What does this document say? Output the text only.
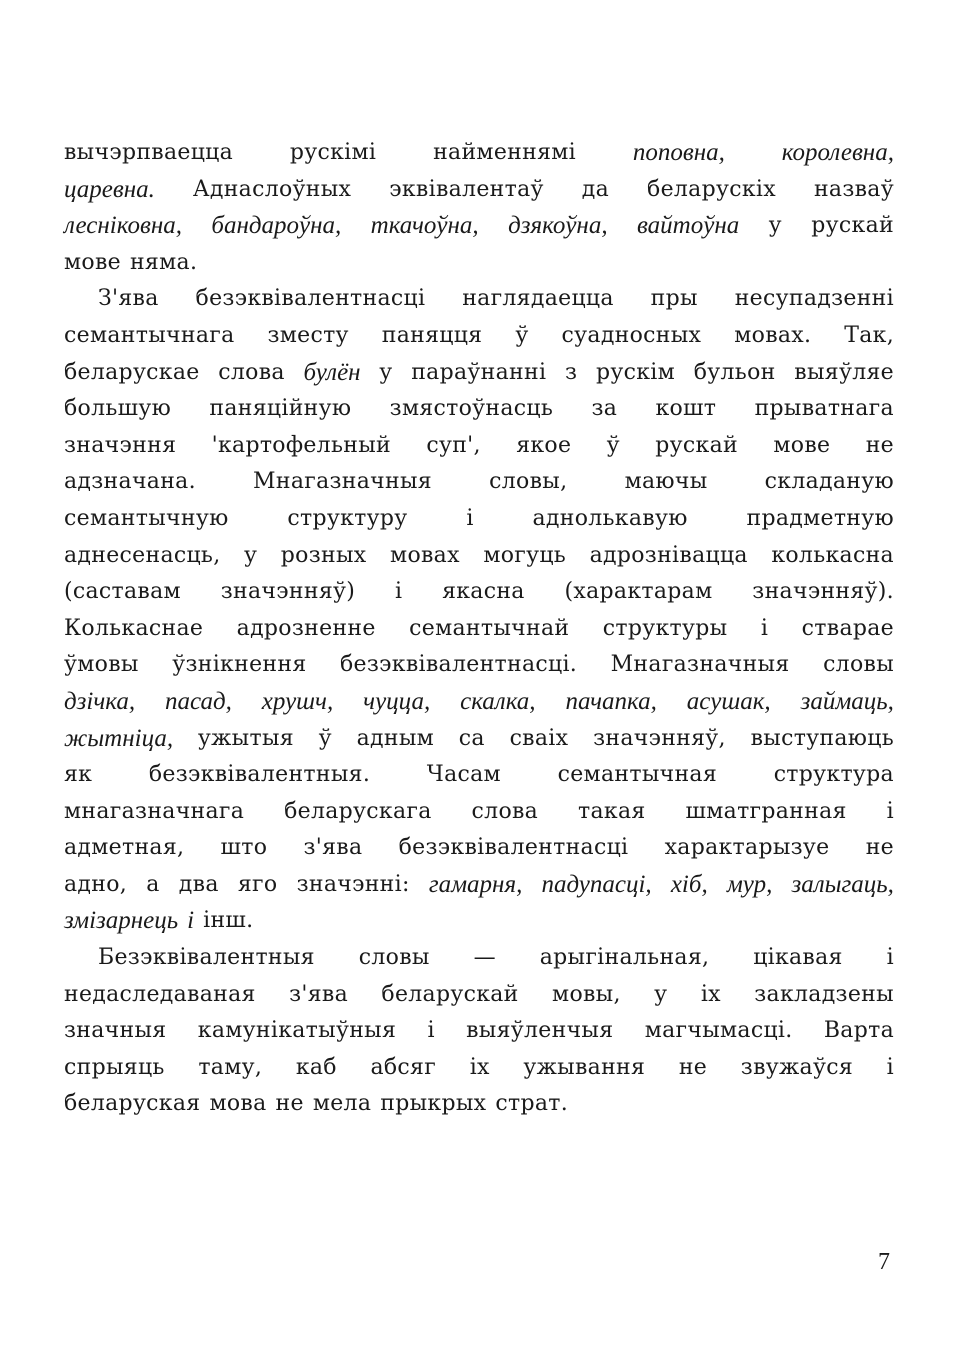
вычэрпваецца	рускімі	найменнямі поповна, королевна,
царевна. Аднаслоўных эквівалентаў да беларускіх назваў
лесніковна, бандароўна, ткачоўна, дзякоўна, вайтоўна у рускай
мове няма.
З'ява безэквівалентнасці наглядаецца пры несупадзенні
семантычнага зместу паняцця ў суадносных мовах. Так,
беларускае слова булён у параўнанні з рускім бульон выяўляе
большую паняційную змястоўнасць за кошт прыватнага
значэння 'картофельный суп', якое ў рускай мове не
адзначана.	Мнагазначныя	словы,	маючы	складаную
семантычную	структуру	і	аднолькавую	прадметную
аднесенасць, у розных мовах могуць адрозніваццa колькасна
(саставам значэнняў) і якасна (характарам значэнняў).
Колькаснае адрозненне семантычнай структуры і стварае
ўмовы ўзнікнення безэквівалентнасці. Мнагазначныя словы
дзічка, пасад, хрушч, чуцца, скалка, пачапка, асушак, займаць,
жытніца, ужытыя ў адным са сваіх значэнняў, выступаюць
як	безэквівалентныя.	Часам	семантычная	структура
мнагазначнага беларускага слова такая шматгранная і
адметная, што з'ява безэквівалентнасці характарызуе не
адно, а два яго значэнні: гамарня, падупасці, хіб, мур, залыгаць,
змізарнець і інш.
Безэквівалентныя словы — арыгінальная, цікавая і
недаследаваная з'ява беларускай мовы, у іх закладзены
значныя камунікатыўныя і выяўленчыя магчымасці. Варта
спрыяць таму, каб абсяг іх ужывання не звужаўся і
беларуская мова не мела прыкрых страт.
7
